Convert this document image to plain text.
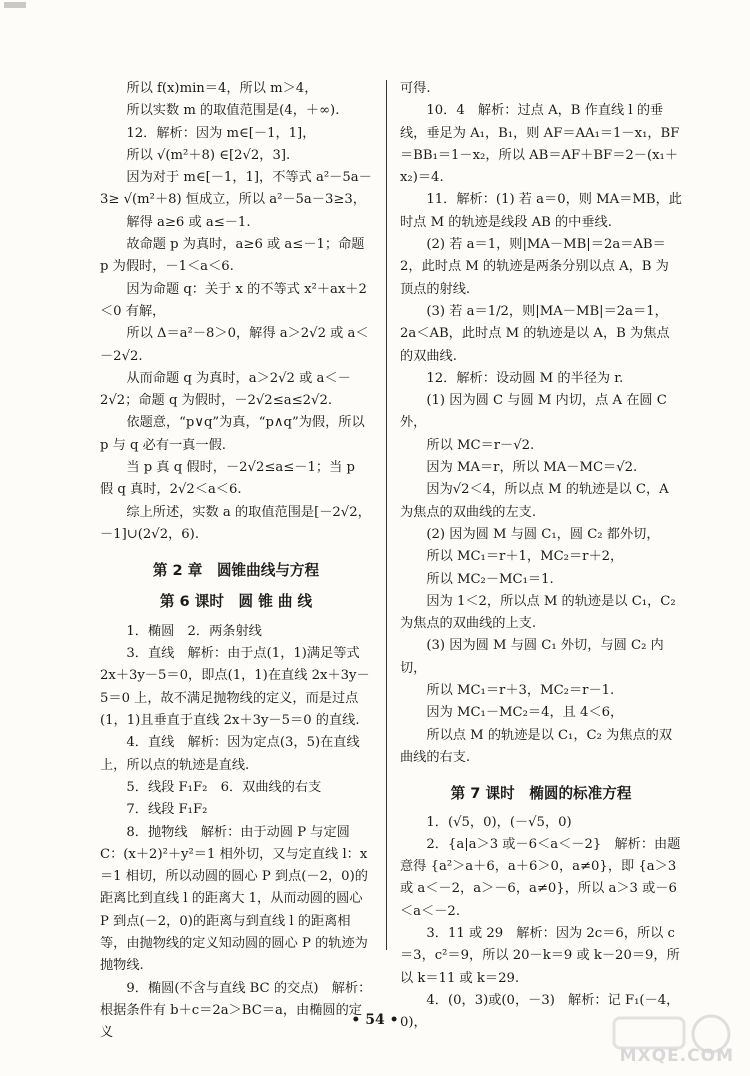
所以 f(x)min＝4，所以 m＞4，

所以实数 m 的取值范围是(4，＋∞).

12．解析：因为 m∈[－1，1]，

所以 √(m²＋8) ∈[2√2，3].

因为对于 m∈[－1，1]，不等式 a²－5a－3≥ √(m²＋8) 恒成立，所以 a²－5a－3≥3，

解得 a≥6 或 a≤－1.

故命题 p 为真时，a≥6 或 a≤－1；命题 p 为假时，－1＜a＜6.

因为命题 q：关于 x 的不等式 x²＋ax＋2＜0 有解，

所以 Δ＝a²－8＞0，解得 a＞2√2 或 a＜－2√2.

从而命题 q 为真时，a＞2√2 或 a＜－2√2；命题 q 为假时，－2√2≤a≤2√2.

依题意，“p∨q”为真，“p∧q”为假，所以 p 与 q 必有一真一假.

当 p 真 q 假时，－2√2≤a≤－1；当 p 假 q 真时，2√2＜a＜6.

综上所述，实数 a 的取值范围是[－2√2，－1]∪(2√2，6).

第 2 章　圆锥曲线与方程

第 6 课时　圆 锥 曲 线

1．椭圆　2．两条射线

3．直线　解析：由于点(1，1)满足等式 2x＋3y－5＝0，即点(1，1)在直线 2x＋3y－5＝0 上，故不满足抛物线的定义，而是过点(1，1)且垂直于直线 2x＋3y－5＝0 的直线.

4．直线　解析：因为定点(3，5)在直线上，所以点的轨迹是直线.

5．线段 F₁F₂　6．双曲线的右支

7．线段 F₁F₂

8．抛物线　解析：由于动圆 P 与定圆 C：(x＋2)²＋y²＝1 相外切，又与定直线 l：x＝1 相切，所以动圆的圆心 P 到点(－2，0)的距离比到直线 l 的距离大 1，从而动圆的圆心 P 到点(－2，0)的距离与到直线 l 的距离相等，由抛物线的定义知动圆的圆心 P 的轨迹为抛物线.

9．椭圆(不含与直线 BC 的交点)　解析：根据条件有 b＋c＝2a＞BC＝a，由椭圆的定义

可得.

10．4　解析：过点 A，B 作直线 l 的垂线，垂足为 A₁，B₁，则 AF＝AA₁＝1－x₁，BF＝BB₁＝1－x₂，所以 AB＝AF＋BF＝2－(x₁＋x₂)＝4.

11．解析：(1) 若 a＝0，则 MA＝MB，此时点 M 的轨迹是线段 AB 的中垂线.

(2) 若 a＝1，则|MA－MB|＝2a＝AB＝2，此时点 M 的轨迹是两条分别以点 A，B 为顶点的射线.

(3) 若 a＝1/2，则|MA－MB|＝2a＝1，2a＜AB，此时点 M 的轨迹是以 A，B 为焦点的双曲线.

12．解析：设动圆 M 的半径为 r.

(1) 因为圆 C 与圆 M 内切，点 A 在圆 C 外，

所以 MC＝r－√2.

因为 MA＝r，所以 MA－MC＝√2.

因为√2＜4，所以点 M 的轨迹是以 C，A 为焦点的双曲线的左支.

(2) 因为圆 M 与圆 C₁，圆 C₂ 都外切，

所以 MC₁＝r＋1，MC₂＝r＋2，

所以 MC₂－MC₁＝1.

因为 1＜2，所以点 M 的轨迹是以 C₁，C₂ 为焦点的双曲线的上支.

(3) 因为圆 M 与圆 C₁ 外切，与圆 C₂ 内切，

所以 MC₁＝r＋3，MC₂＝r－1.

因为 MC₁－MC₂＝4，且 4＜6，

所以点 M 的轨迹是以 C₁，C₂ 为焦点的双曲线的右支.

第 7 课时　椭圆的标准方程

1．(√5，0)，(－√5，0)

2．{a|a＞3 或－6＜a＜－2}　解析：由题意得 {a²＞a＋6，a＋6＞0，a≠0}，即 {a＞3 或 a＜－2，a＞－6，a≠0}，所以 a＞3 或－6＜a＜－2.

3．11 或 29　解析：因为 2c＝6，所以 c＝3，c²＝9，所以 20－k＝9 或 k－20＝9，所以 k＝11 或 k＝29.

4．(0，3)或(0，－3)　解析：记 F₁(－4，0)，

• 54 •
MXQE.COM
